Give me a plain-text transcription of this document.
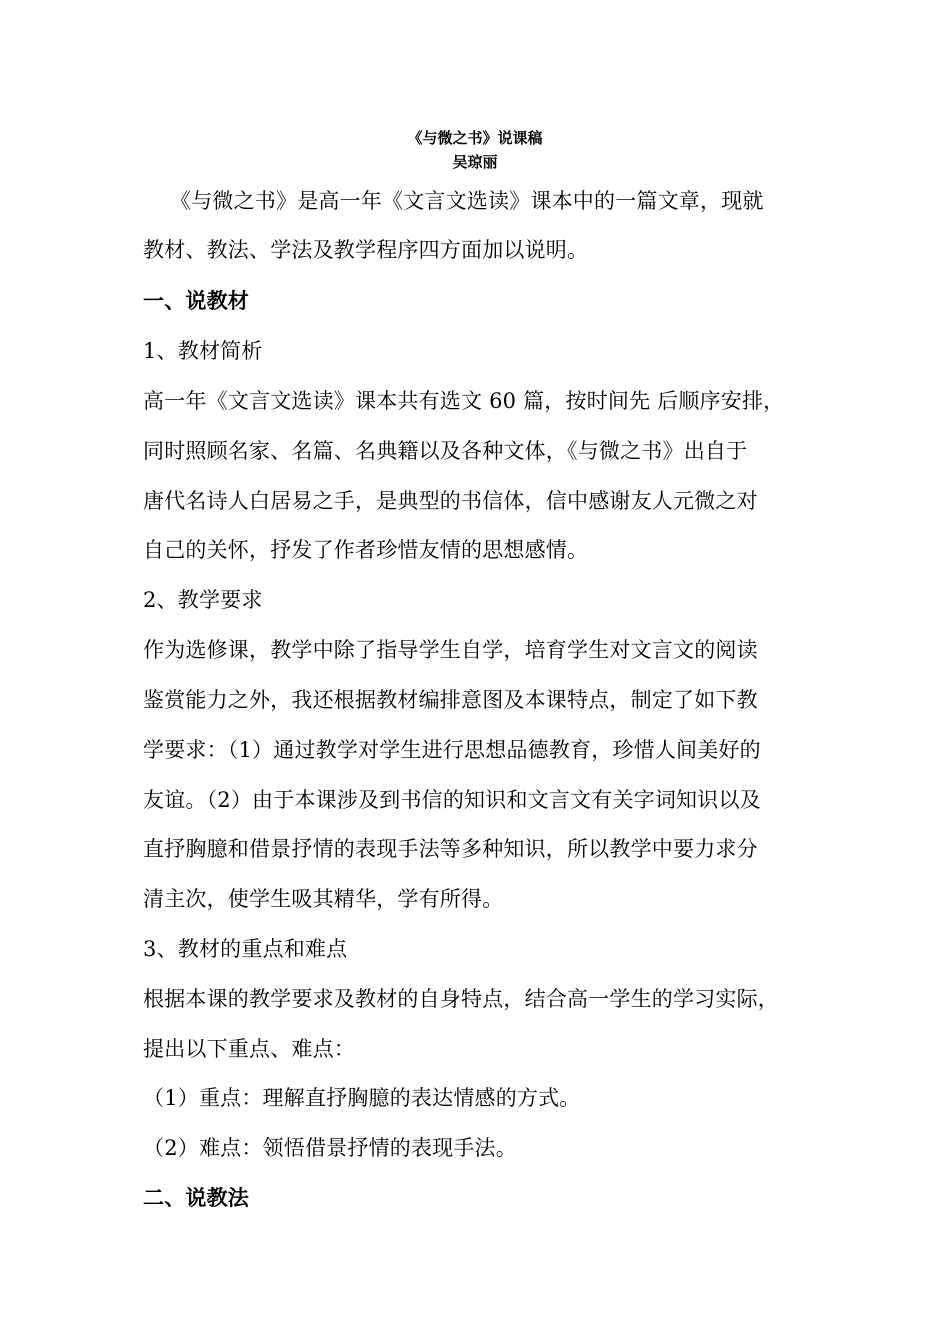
《与微之书》说课稿
吴琼丽
《与微之书》是高一年《文言文选读》课本中的一篇文章，现就
教材、教法、学法及教学程序四方面加以说明。
一、说教材
1、教材简析
高一年《文言文选读》课本共有选文 60 篇，按时间先 后顺序安排，
同时照顾名家、名篇、名典籍以及各种文体，《与微之书》出自于
唐代名诗人白居易之手，是典型的书信体，信中感谢友人元微之对
自己的关怀，抒发了作者珍惜友情的思想感情。
2、教学要求
作为选修课，教学中除了指导学生自学，培育学生对文言文的阅读
鉴赏能力之外，我还根据教材编排意图及本课特点，制定了如下教
学要求：（1）通过教学对学生进行思想品德教育，珍惜人间美好的
友谊。（2）由于本课涉及到书信的知识和文言文有关字词知识以及
直抒胸臆和借景抒情的表现手法等多种知识，所以教学中要力求分
清主次，使学生吸其精华，学有所得。
3、教材的重点和难点
根据本课的教学要求及教材的自身特点，结合高一学生的学习实际，
提出以下重点、难点：
（1）重点：理解直抒胸臆的表达情感的方式。
（2）难点：领悟借景抒情的表现手法。
二、说教法
